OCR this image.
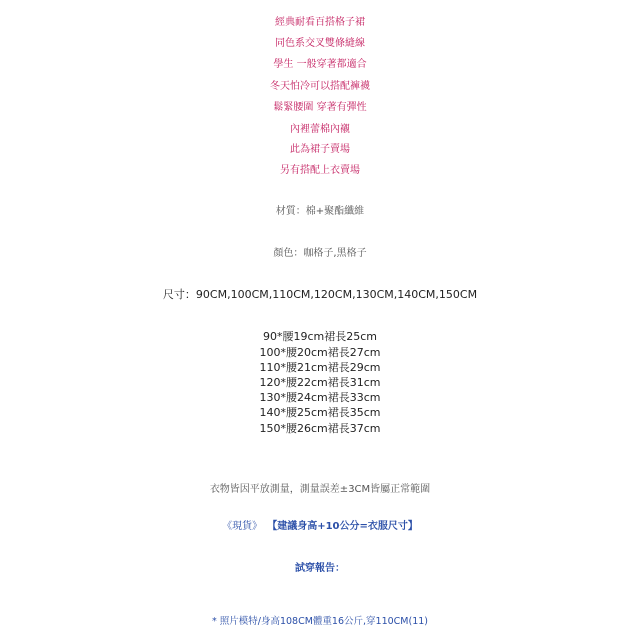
經典耐看百搭格子裙
同色系交叉雙條縫線
學生 一般穿著都適合
冬天怕冷可以搭配褲襪
鬆緊腰圍 穿著有彈性
內裡蕾棉內襯
此為裙子賣場
另有搭配上衣賣場
材質：棉+聚酯纖維
顏色：咖格子,黑格子
尺寸：90CM,100CM,110CM,120CM,130CM,140CM,150CM
90*腰19cm裙長25cm
100*腰20cm裙長27cm
110*腰21cm裙長29cm
120*腰22cm裙長31cm
130*腰24cm裙長33cm
140*腰25cm裙長35cm
150*腰26cm裙長37cm
衣物皆因平放測量，測量誤差±3CM皆屬正常範圍
《現貨》 【建議身高+10公分=衣服尺寸】
試穿報告：
* 照片模特/身高108CM體重16公斤,穿110CM(11)
